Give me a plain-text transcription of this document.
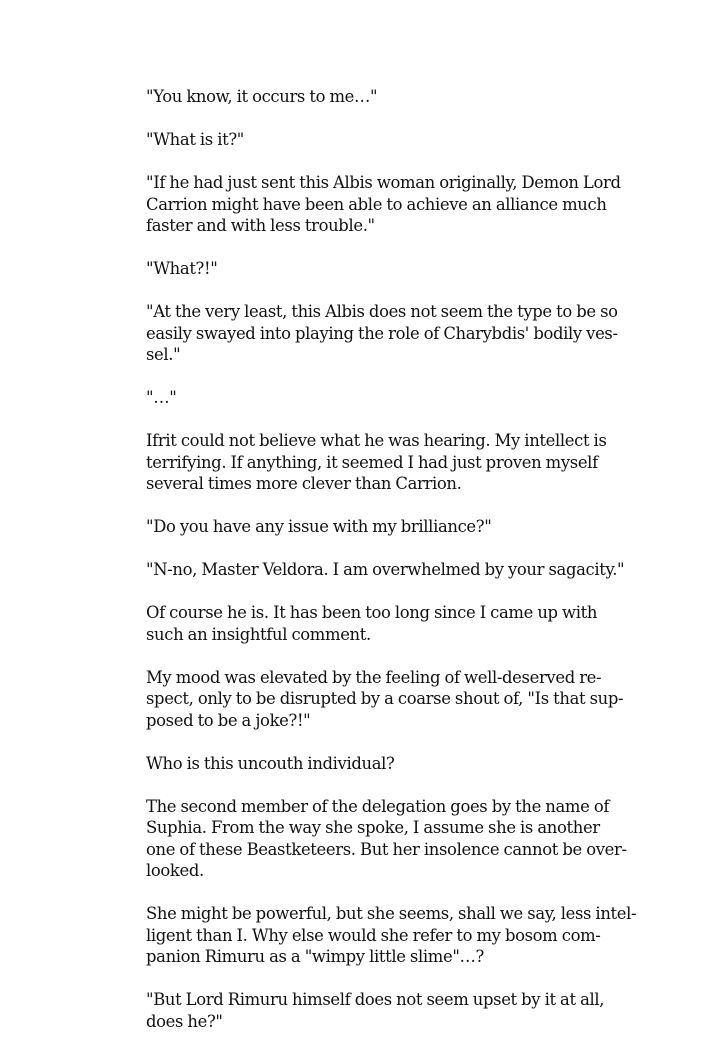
"You know, it occurs to me…"

"What is it?"

"If he had just sent this Albis woman originally, Demon Lord
Carrion might have been able to achieve an alliance much
faster and with less trouble."

"What?!"

"At the very least, this Albis does not seem the type to be so
easily swayed into playing the role of Charybdis' bodily ves-
sel."

"…"

Ifrit could not believe what he was hearing. My intellect is
terrifying. If anything, it seemed I had just proven myself
several times more clever than Carrion.

"Do you have any issue with my brilliance?"

"N-no, Master Veldora. I am overwhelmed by your sagacity."

Of course he is. It has been too long since I came up with
such an insightful comment.

My mood was elevated by the feeling of well-deserved re-
spect, only to be disrupted by a coarse shout of, "Is that sup-
posed to be a joke?!"

Who is this uncouth individual?

The second member of the delegation goes by the name of
Suphia. From the way she spoke, I assume she is another
one of these Beastketeers. But her insolence cannot be over-
looked.

She might be powerful, but she seems, shall we say, less intel-
ligent than I. Why else would she refer to my bosom com-
panion Rimuru as a "wimpy little slime"…?

"But Lord Rimuru himself does not seem upset by it at all,
does he?"
